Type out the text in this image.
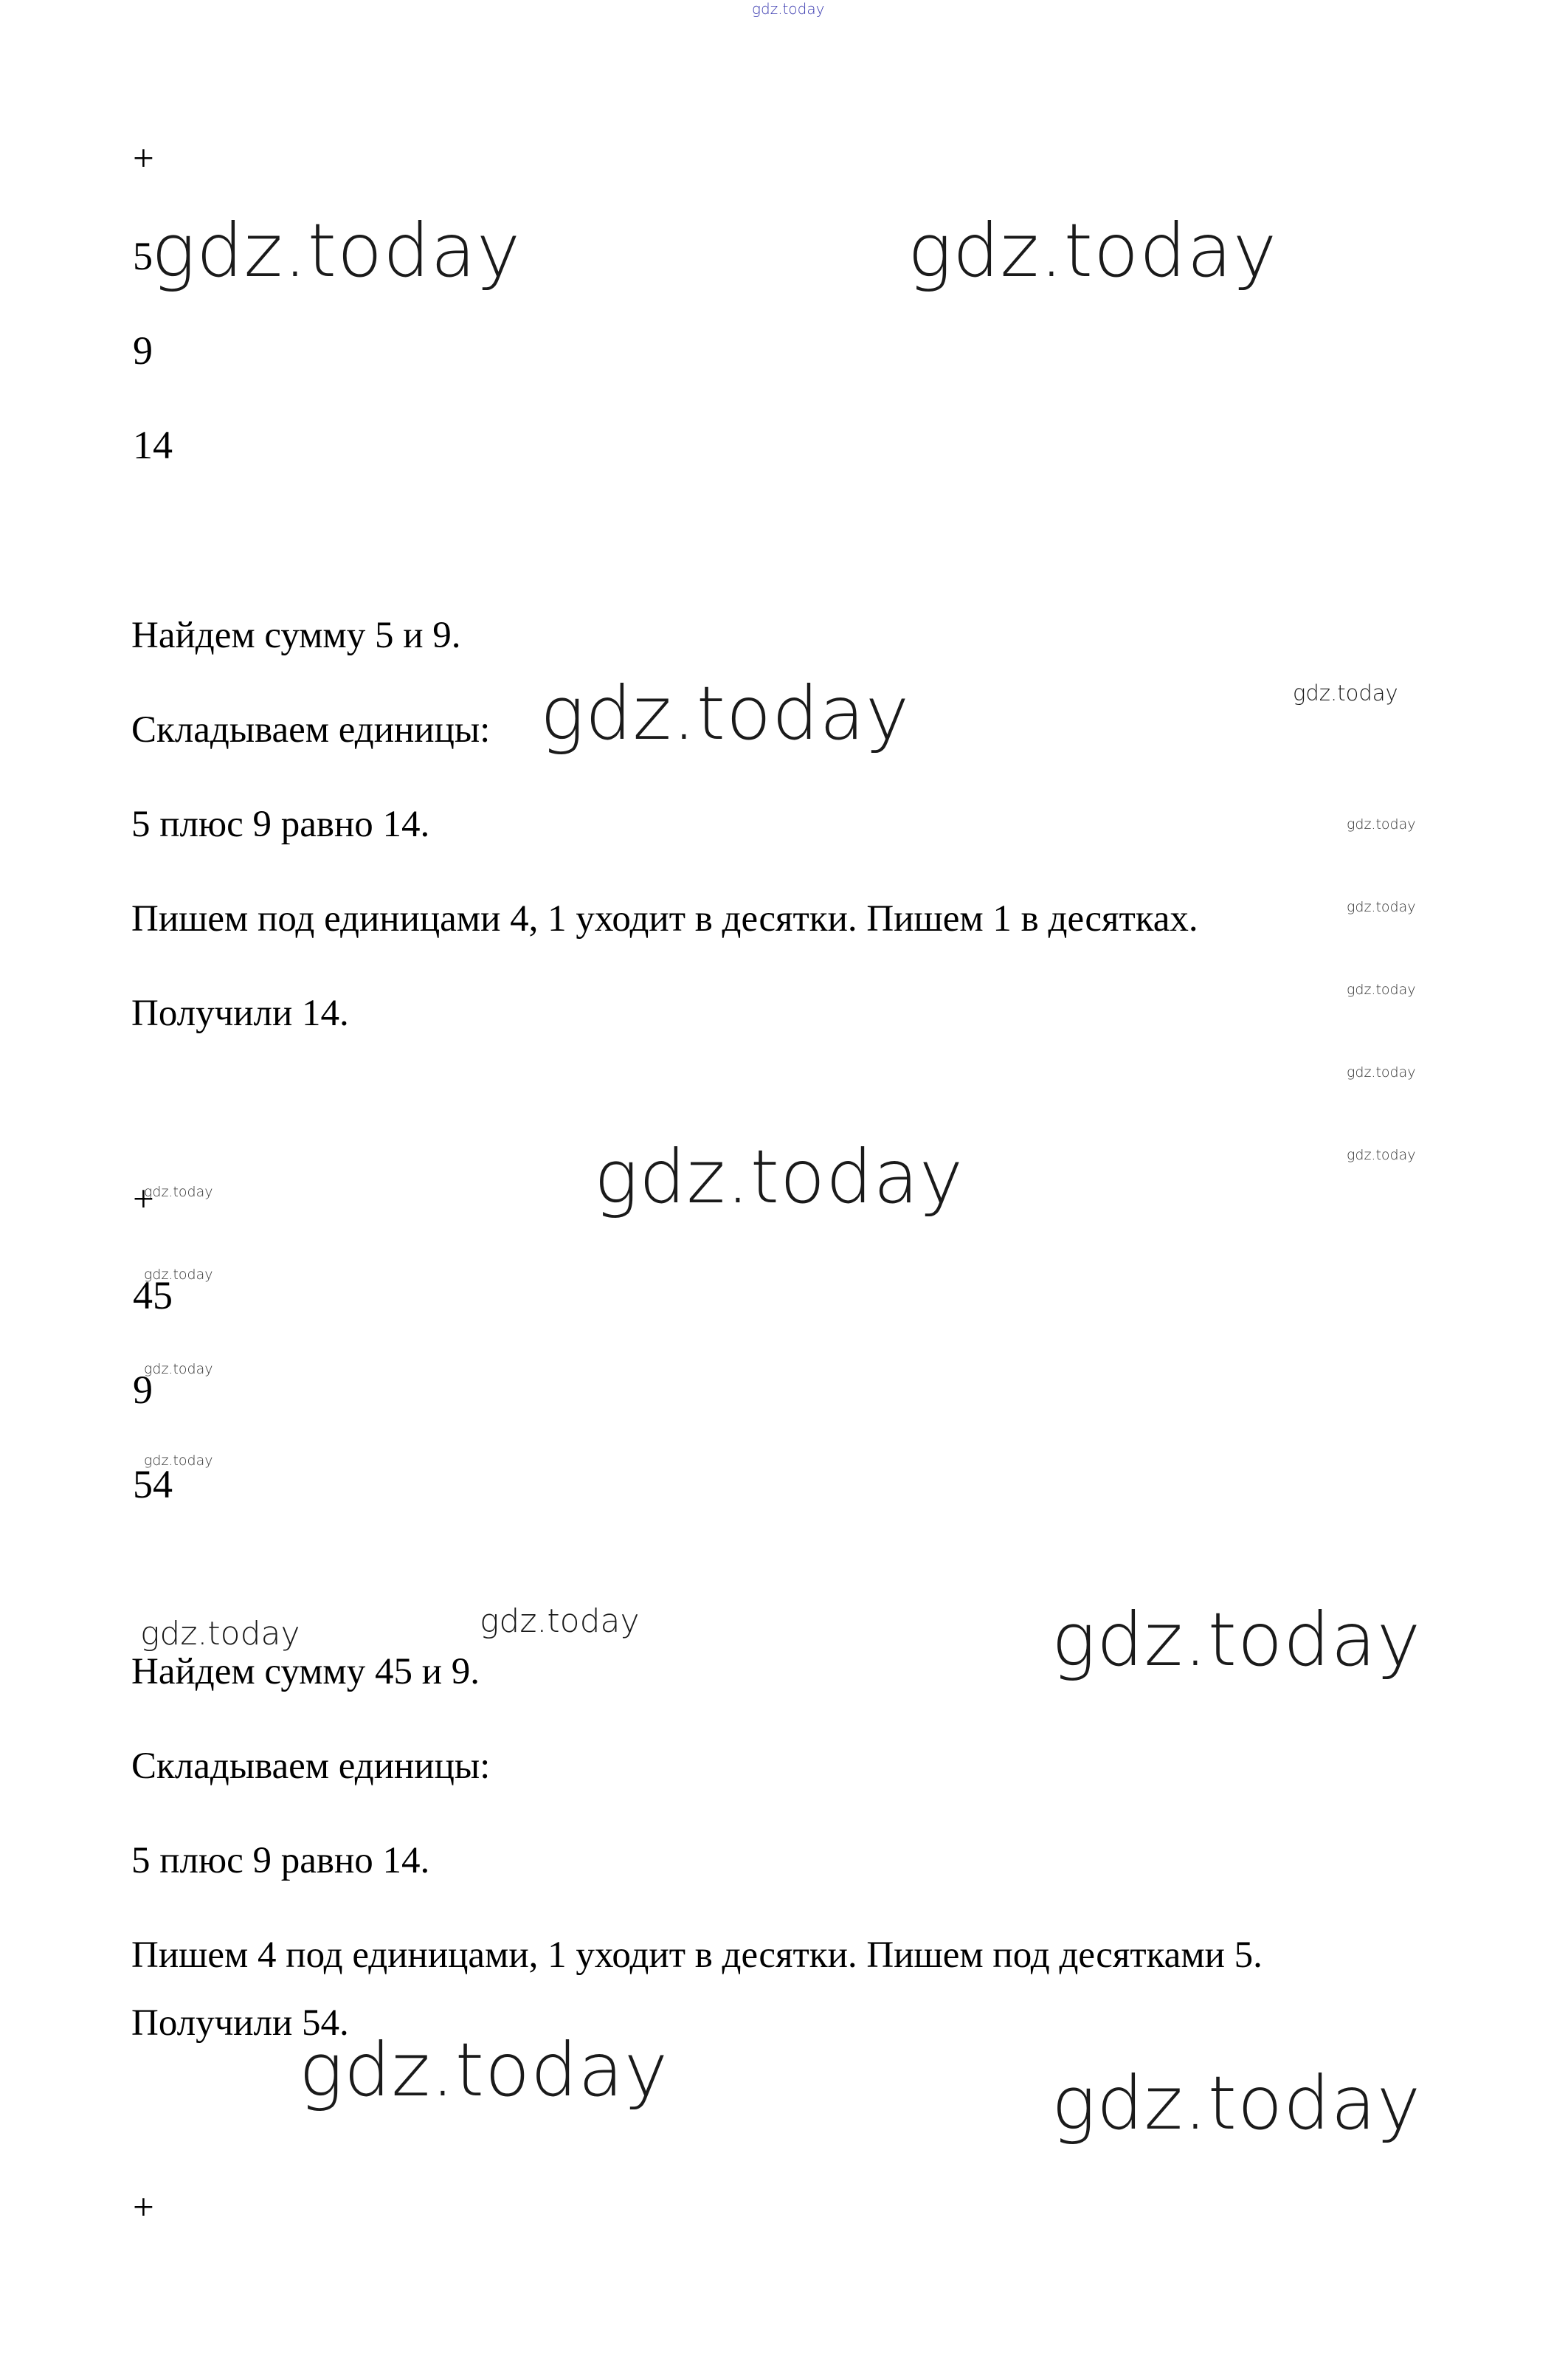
gdz.today
+
5
9
14
Найдем сумму 5 и 9.
Складываем единицы:
5 плюс 9 равно 14.
Пишем под единицами 4, 1 уходит в десятки. Пишем 1 в десятках.
Получили 14.
+
45
9
54
Найдем сумму 45 и 9.
Складываем единицы:
5 плюс 9 равно 14.
Пишем 4 под единицами, 1 уходит в десятки. Пишем под десятками 5.
Получили 54.
+
gdz.today	gdz.today
gdz.today
gdz.today
gdz.today
gdz.today	gdz.today
gdz.today
gdz.today
gdz.today
gdz.today
gdz.today
gdz.today
gdz.today
gdz.today
gdz.today
gdz.today
gdz.today
gdz.today
